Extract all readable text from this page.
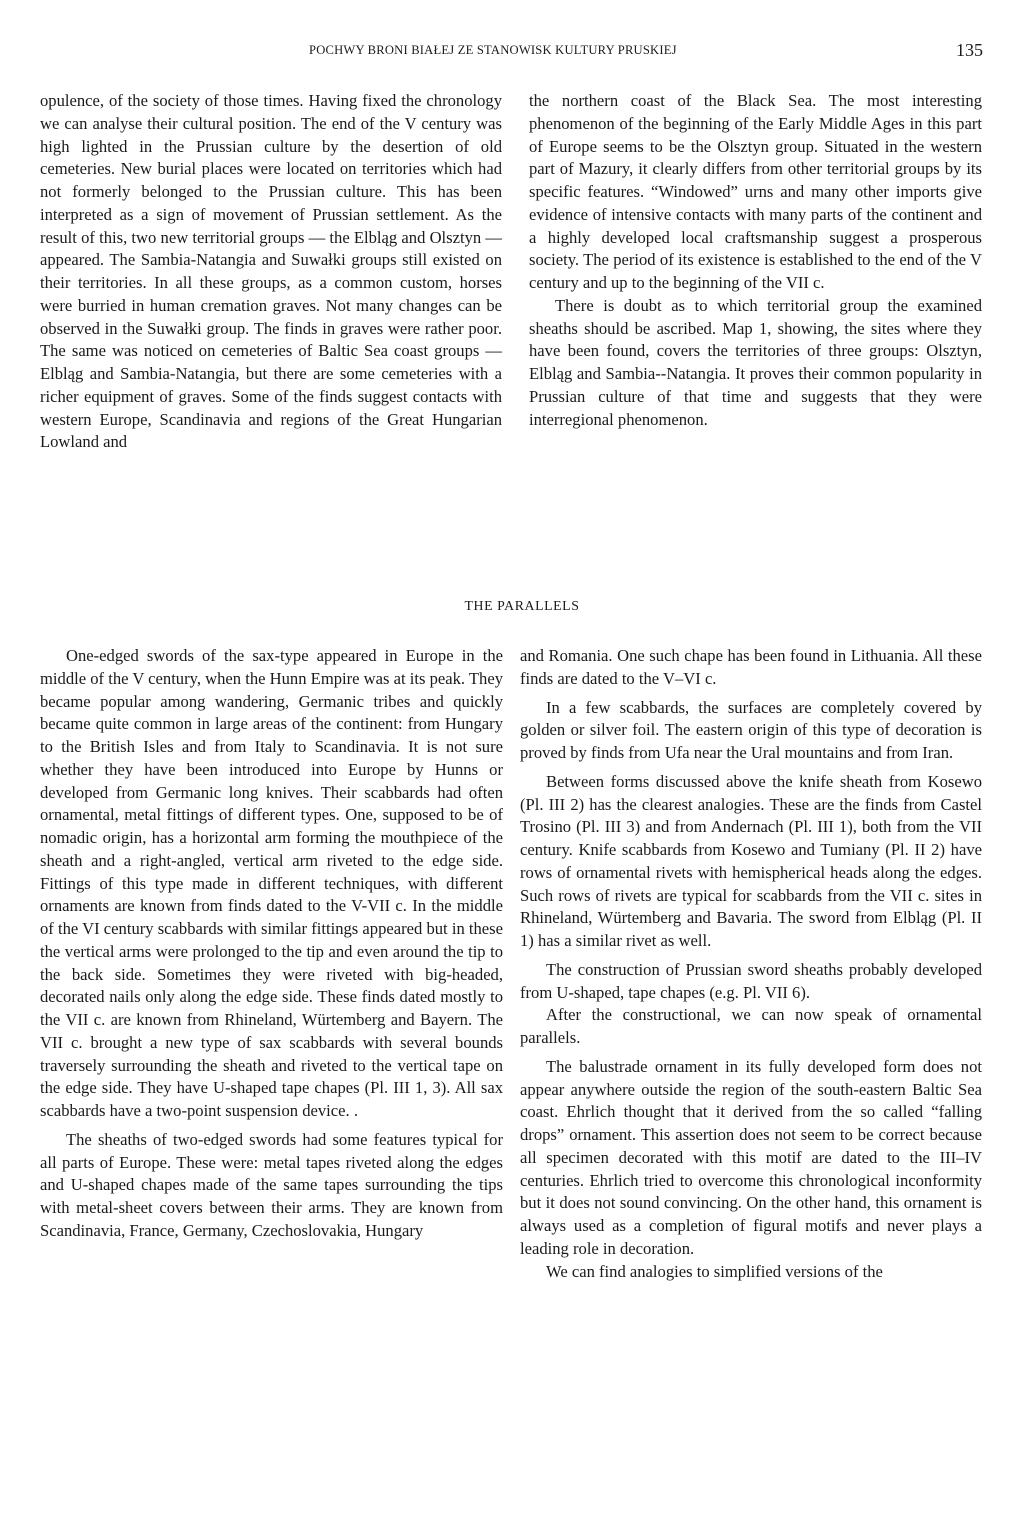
POCHWY BRONI BIAŁEJ ZE STANOWISK KULTURY PRUSKIEJ	135

opulence, of the society of those times. Having fixed the chronology we can analyse their cultural position. The end of the V century was high lighted in the Prussian culture by the desertion of old cemeteries. New burial places were located on territories which had not formerly belonged to the Prussian culture. This has been interpreted as a sign of movement of Prussian settlement. As the result of this, two new territorial groups — the Elbląg and Olsztyn — appeared. The Sambia-Natangia and Suwałki groups still existed on their territories. In all these groups, as a common custom, horses were burried in human cremation graves. Not many changes can be observed in the Suwałki group. The finds in graves were rather poor. The same was noticed on cemeteries of Baltic Sea coast groups — Elbląg and Sambia-Natangia, but there are some cemeteries with a richer equipment of graves. Some of the finds suggest contacts with western Europe, Scandinavia and regions of the Great Hungarian Lowland and

the northern coast of the Black Sea. The most interesting phenomenon of the beginning of the Early Middle Ages in this part of Europe seems to be the Olsztyn group. Situated in the western part of Mazury, it clearly differs from other territorial groups by its specific features. “Windowed” urns and many other imports give evidence of intensive contacts with many parts of the continent and a highly developed local craftsmanship suggest a prosperous society. The period of its existence is established to the end of the V century and up to the beginning of the VII c.

There is doubt as to which territorial group the examined sheaths should be ascribed. Map 1, showing, the sites where they have been found, covers the territories of three groups: Olsztyn, Elbląg and Sambia--Natangia. It proves their common popularity in Prussian culture of that time and suggests that they were interregional phenomenon.

THE PARALLELS

One-edged swords of the sax-type appeared in Europe in the middle of the V century, when the Hunn Empire was at its peak. They became popular among wandering, Germanic tribes and quickly became quite common in large areas of the continent: from Hungary to the British Isles and from Italy to Scandinavia. It is not sure whether they have been introduced into Europe by Hunns or developed from Germanic long knives. Their scabbards had often ornamental, metal fittings of different types. One, supposed to be of nomadic origin, has a horizontal arm forming the mouthpiece of the sheath and a right-angled, vertical arm riveted to the edge side. Fittings of this type made in different techniques, with different ornaments are known from finds dated to the V-VII c. In the middle of the VI century scabbards with similar fittings appeared but in these the vertical arms were prolonged to the tip and even around the tip to the back side. Sometimes they were riveted with big-headed, decorated nails only along the edge side. These finds dated mostly to the VII c. are known from Rhineland, Würtemberg and Bayern. The VII c. brought a new type of sax scabbards with several bounds traversely surrounding the sheath and riveted to the vertical tape on the edge side. They have U-shaped tape chapes (Pl. III 1, 3). All sax scabbards have a two-point suspension device. .

The sheaths of two-edged swords had some features typical for all parts of Europe. These were: metal tapes riveted along the edges and U-shaped chapes made of the same tapes surrounding the tips with metal-sheet covers between their arms. They are known from Scandinavia, France, Germany, Czechoslovakia, Hungary

and Romania. One such chape has been found in Lithuania. All these finds are dated to the V–VI c.

In a few scabbards, the surfaces are completely covered by golden or silver foil. The eastern origin of this type of decoration is proved by finds from Ufa near the Ural mountains and from Iran.

Between forms discussed above the knife sheath from Kosewo (Pl. III 2) has the clearest analogies. These are the finds from Castel Trosino (Pl. III 3) and from Andernach (Pl. III 1), both from the VII century. Knife scabbards from Kosewo and Tumiany (Pl. II 2) have rows of ornamental rivets with hemispherical heads along the edges. Such rows of rivets are typical for scabbards from the VII c. sites in Rhineland, Würtemberg and Bavaria. The sword from Elbląg (Pl. II 1) has a similar rivet as well.

The construction of Prussian sword sheaths probably developed from U-shaped, tape chapes (e.g. Pl. VII 6).

After the constructional, we can now speak of ornamental parallels.

The balustrade ornament in its fully developed form does not appear anywhere outside the region of the south-eastern Baltic Sea coast. Ehrlich thought that it derived from the so called “falling drops” ornament. This assertion does not seem to be correct because all specimen decorated with this motif are dated to the III–IV centuries. Ehrlich tried to overcome this chronological inconformity but it does not sound convincing. On the other hand, this ornament is always used as a completion of figural motifs and never plays a leading role in decoration.

We can find analogies to simplified versions of the
